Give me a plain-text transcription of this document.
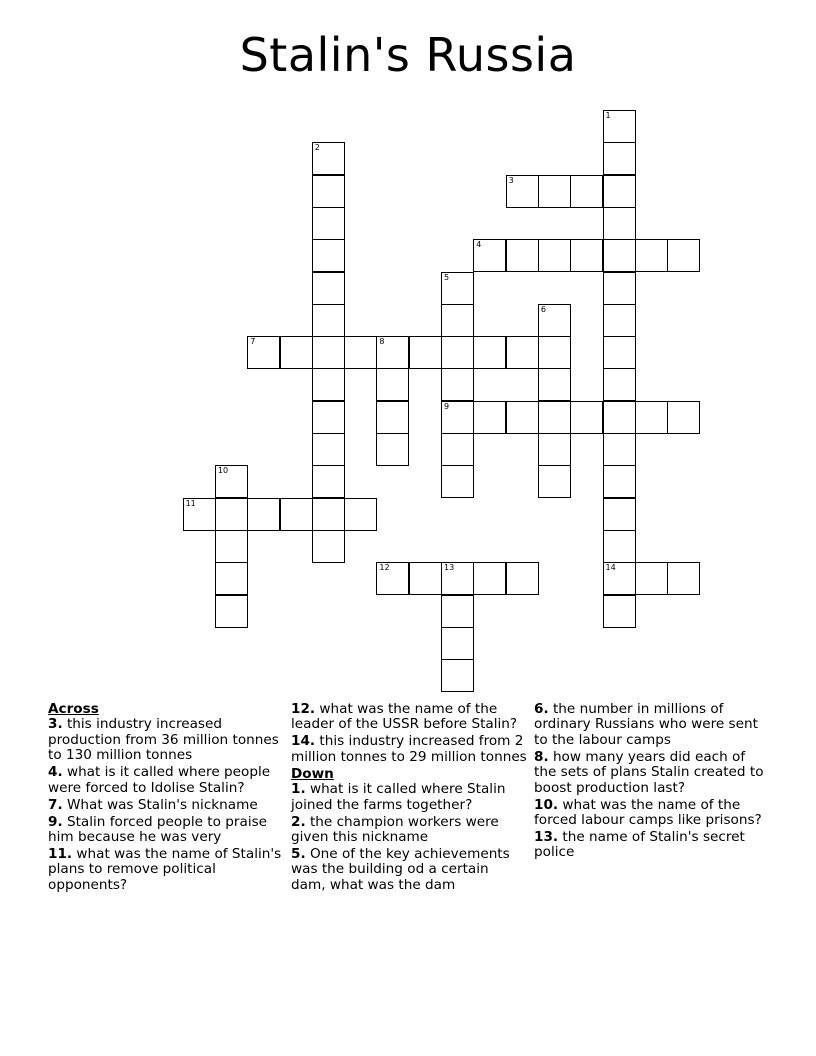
Stalin's Russia
1
14
2
3
4
5
9
6
7	8
10
11
12	13
Across
3. this industry increased production from 36 million tonnes to 130 million tonnes
4. what is it called where people were forced to Idolise Stalin?
7. What was Stalin's nickname
9. Stalin forced people to praise him because he was very
11. what was the name of Stalin's plans to remove political opponents?
12. what was the name of the leader of the USSR before Stalin?
14. this industry increased from 2 million tonnes to 29 million tonnes
Down
1. what is it called where Stalin joined the farms together?
2. the champion workers were given this nickname
5. One of the key achievements was the building od a certain dam, what was the dam
6. the number in millions of ordinary Russians who were sent to the labour camps
8. how many years did each of the sets of plans Stalin created to boost production last?
10. what was the name of the forced labour camps like prisons?
13. the name of Stalin's secret police
